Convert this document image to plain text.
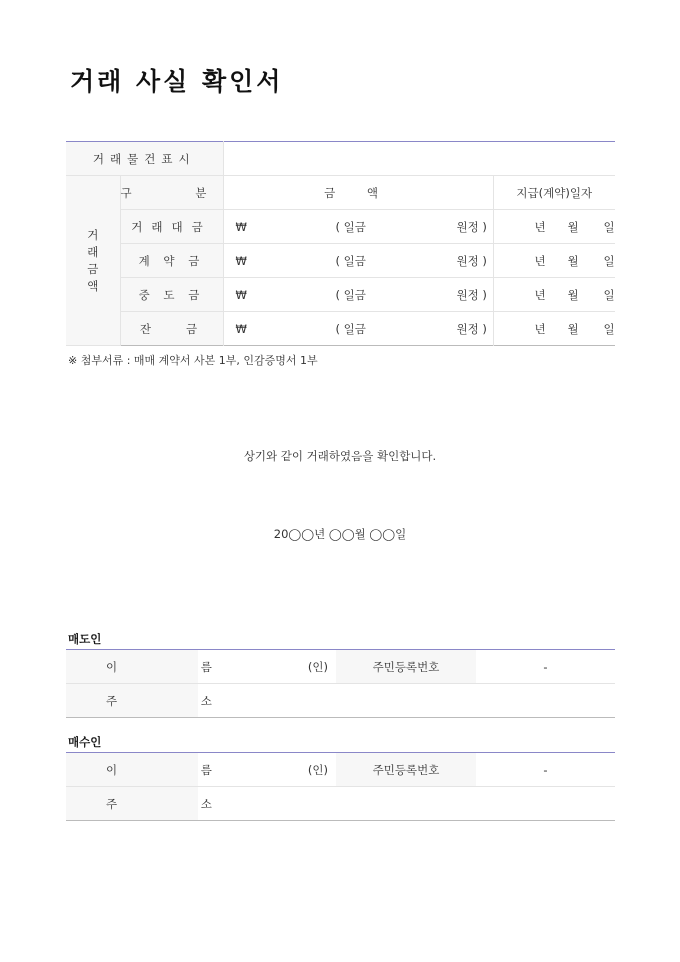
거래 사실 확인서
거래물건표시			

거래금액	구 분	금 액	지급(계약)일자
	거래대금	₩ ( 일금 원정 )	년 월 일

	계 약 금	₩ ( 일금 원정 )	년 월 일

	중 도 금	₩ ( 일금 원정 )	년 월 일

	잔   금	₩ ( 일금 원정 )	년 월 일
※ 첨부서류 : 매매 계약서 사본 1부, 인감증명서 1부
상기와 같이 거래하였음을 확인합니다.
20◯◯년 ◯◯월 ◯◯일
매도인
이 름	(인)	주민등록번호	-
주 소			
매수인
이 름	(인)	주민등록번호	-
주 소			
